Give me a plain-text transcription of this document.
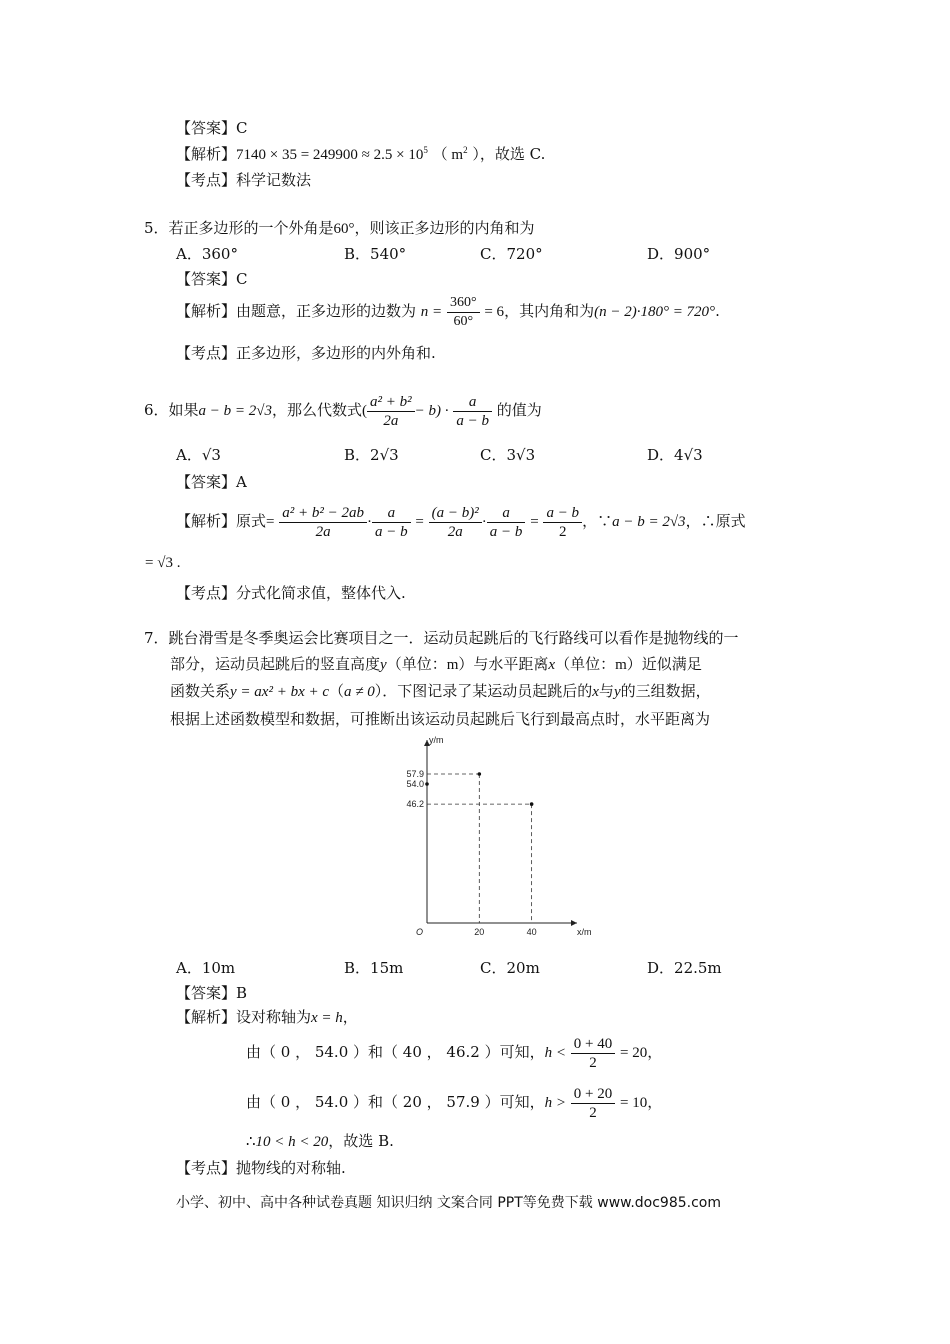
【答案】C
【解析】$7140 \times 35 = 249900 \approx 2.5 \times 10^5$ （ $m^2$ ），故选 C.
【考点】科学记数法
5．若正多边形的一个外角是60°，则该正多边形的内角和为
A．360°	B．540°	C．720°	D．900°
【答案】C
【解析】由题意，正多边形的边数为 $n = \frac{360^\circ}{60^\circ} = 6$，其内角和为(n − 2)·180° = 720°.
【考点】正多边形，多边形的内外角和.
6．如果a − b = 2√3，那么代数式( $\frac{\text{a² + b²}}{2a} - b) \cdot \frac{a}{a - b}$ 的值为
A．√3	B．2√3	C．3√3	D．4√3
【答案】A
【解析】原式= $\frac{\text{a² + b² − 2ab}}{2a} \cdot \frac{a}{a - b} = \frac{\text{(a − b)²}}{2a} \cdot \frac{a}{a - b} = \frac{a - b}{2}$ ，∵a − b = 2√3，∴原式
= √3 .
【考点】分式化简求值，整体代入.
7．跳台滑雪是冬季奥运会比赛项目之一．运动员起跳后的飞行路线可以看作是抛物线的一
部分，运动员起跳后的竖直高度y（单位：m）与水平距离x（单位：m）近似满足
函数关系y = ax² + bx + c（a ≠ 0）．下图记录了某运动员起跳后的x与y的三组数据，
根据上述函数模型和数据，可推断出该运动员起跳后飞行到最高点时，水平距离为
y/m
x/m
O	20	40
57.9
54.0
46.2
A．10m	B．15m	C．20m	D．22.5m
【答案】B
【解析】设对称轴为x = h，
由（ 0 ， 54.0 ）和（ 40 ， 46.2 ）可知，$h < \frac{0 + 40}{2} = 20$，
由（ 0 ， 54.0 ）和（ 20 ， 57.9 ）可知，$h > \frac{0 + 20}{2} = 10$，
∴10 < h < 20，故选 B.
【考点】抛物线的对称轴.
小学、初中、高中各种试卷真题 知识归纳 文案合同 PPT等免费下载 www.doc985.com
